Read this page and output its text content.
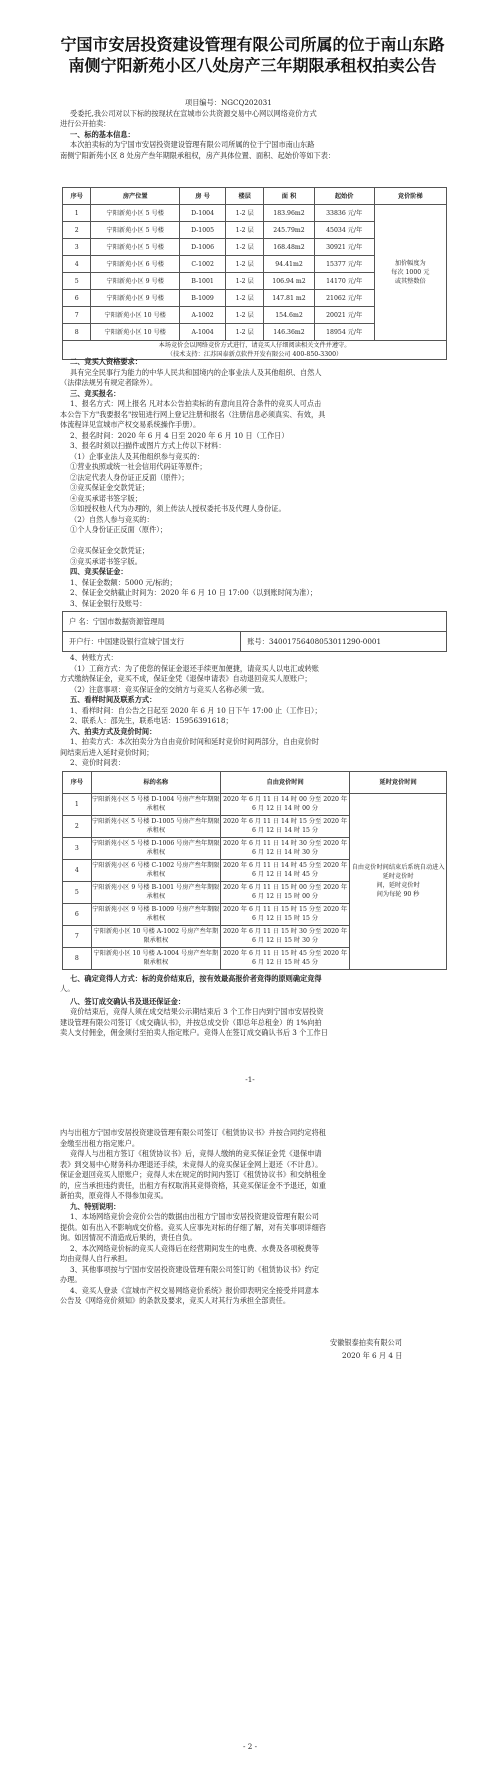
宁国市安居投资建设管理有限公司所属的位于南山东路南侧宁阳新苑小区八处房产三年期限承租权拍卖公告
项目编号：NGCQ202031
受委托,我公司对以下标的按现状在宣城市公共资源交易中心网以网络竞价方式
进行公开拍卖：
一、标的基本信息：
本次拍卖标的为宁国市安居投资建设管理有限公司所属的位于宁国市南山东路
南侧宁阳新苑小区 8 处房产叁年期限承租权，房产具体位置、面积、起始价等如下表：
序号	房产位置	房 号	楼层	面 积	起始价	竞价阶梯
1	宁阳新苑小区 5 号楼	D-1004	1-2 层	183.96m2	33836 元/年	加价幅度为
每次 1000 元
或其整数倍
2	宁阳新苑小区 5 号楼	D-1005	1-2 层	245.79m2	45034 元/年	
3	宁阳新苑小区 5 号楼	D-1006	1-2 层	168.48m2	30921 元/年	
4	宁阳新苑小区 6 号楼	C-1002	1-2 层	94.41m2	15377 元/年	
5	宁阳新苑小区 9 号楼	B-1001	1-2 层	106.94 m2	14170 元/年	
6	宁阳新苑小区 9 号楼	B-1009	1-2 层	147.81 m2	21062 元/年	
7	宁阳新苑小区 10 号楼	A-1002	1-2 层	154.6m2	20021 元/年	
8	宁阳新苑小区 10 号楼	A-1004	1-2 层	146.36m2	18954 元/年	
本场竞价会以网络竞价方式进行，请竞买人仔细阅读相关文件并遵守。
（技术支持：江苏国泰新点软件开发有限公司 400-850-3300）						
二、竞买人资格要求：
具有完全民事行为能力的中华人民共和国境内的企事业法人及其他组织、自然人
（法律法规另有规定者除外）。
三、竞买报名：
1、报名方式：网上报名 凡对本公告拍卖标的有意向且符合条件的竞买人可点击
本公告下方"我要报名"按钮进行网上登记注册和报名（注册信息必须真实、有效，具
体流程详见宣城市产权交易系统操作手册）。
2、报名时间：2020 年 6 月 4 日至 2020 年 6 月 10 日（工作日）
3、报名时须以扫描件或图片方式上传以下材料：
（1）企事业法人及其他组织参与竞买的：
①营业执照或统一社会信用代码证等原件；
②法定代表人身份证正反面（原件）；
③竞买保证金交款凭证；
④竞买承诺书签字版；
⑤如授权他人代为办理的，须上传法人授权委托书及代理人身份证。
（2）自然人参与竞买的：
①个人身份证正反面（原件）；
②竞买保证金交款凭证；
③竞买承诺书签字版。
四、竞买保证金：
1、保证金数额：5000 元/标的；
2、保证金交纳截止时间为：2020 年 6 月 10 日 17:00（以到账时间为准）；
3、保证金银行及账号：
户 名：宁国市数据资源管理局
开户行：中国建设银行宣城宁国支行	账号：34001756408053011290-0001
4、转账方式：
（1）工商方式：为了使您的保证金退还手续更加便捷，请竞买人以电汇或转账
方式缴纳保证金，竞买不成，保证金凭《退保申请表》自动退回竞买人原账户；
（2）注意事项：竞买保证金的交纳方与竞买人名称必须一致。
五、看样时间及联系方式：
1、看样时间：自公告之日起至 2020 年 6 月 10 日下午 17:00 止（工作日）；
2、联系人：邵先生，联系电话：15956391618；
六、拍卖方式及竞价时间：
1、拍卖方式：本次拍卖分为自由竞价时间和延时竞价时间两部分，自由竞价时
间结束后进入延时竞价时间；
2、竞价时间表：
序号	标的名称	自由竞价时间	延时竞价时间
1	宁阳新苑小区 5 号楼 D-1004 号房产叁年期限承租权	2020 年 6 月 11 日 14 时 00 分至 2020 年 6 月 12 日 14 时 00 分	自由竞价时间结束后系统自动进入延时竞价时
间，延时竞价时
间为每轮 90 秒
2	宁阳新苑小区 5 号楼 D-1005 号房产叁年期限承租权	2020 年 6 月 11 日 14 时 15 分至 2020 年 6 月 12 日 14 时 15 分	
3	宁阳新苑小区 5 号楼 D-1006 号房产叁年期限承租权	2020 年 6 月 11 日 14 时 30 分至 2020 年 6 月 12 日 14 时 30 分	
4	宁阳新苑小区 6 号楼 C-1002 号房产叁年期限承租权	2020 年 6 月 11 日 14 时 45 分至 2020 年 6 月 12 日 14 时 45 分	
5	宁阳新苑小区 9 号楼 B-1001 号房产叁年期限承租权	2020 年 6 月 11 日 15 时 00 分至 2020 年 6 月 12 日 15 时 00 分	
6	宁阳新苑小区 9 号楼 B-1009 号房产叁年期限承租权	2020 年 6 月 11 日 15 时 15 分至 2020 年 6 月 12 日 15 时 15 分	
7	宁阳新苑小区 10 号楼 A-1002 号房产叁年期限承租权	2020 年 6 月 11 日 15 时 30 分至 2020 年 6 月 12 日 15 时 30 分	
8	宁阳新苑小区 10 号楼 A-1004 号房产叁年期限承租权	2020 年 6 月 11 日 15 时 45 分至 2020 年 6 月 12 日 15 时 45 分	
七、确定竞得人方式：标的竞价结束后，按有效最高报价者竞得的原则确定竞得
人。
八、签订成交确认书及退还保证金：
竞价结束后，竞得人须在成交结果公示期结束后 3 个工作日内到宁国市安居投资
建设管理有限公司签订《成交确认书》，并按总成交价（即总年总租金）的 1%向拍
卖人支付佣金，佣金须付至拍卖人指定账户。竞得人在签订成交确认书后 3 个工作日
-1-
内与出租方宁国市安居投资建设管理有限公司签订《租赁协议书》并按合同约定将租
金缴至出租方指定账户。
竞得人与出租方签订《租赁协议书》后，竞得人缴纳的竞买保证金凭《退保申请
表》到交易中心财务科办理退还手续，未竞得人的竞买保证金网上退还（不计息）。
保证金退回竞买人原账户；竞得人未在规定的时间内签订《租赁协议书》和交纳租金
的，应当承担违约责任，出租方有权取消其竞得资格，其竞买保证金不予退还，如重
新拍卖，原竞得人不得参加竞买。
九、特别说明：
1、本场网络竞价会竞价公告的数据由出租方宁国市安居投资建设管理有限公司
提供。如有出入不影响成交价格。竞买人应事先对标的仔细了解，对有关事项详细咨
询。如因情况不清造成后果的，责任自负。
2、本次网络竞价标的竞买人竞得后在经营期间发生的电费、水费及各项税费等
均由竞得人自行承担。
3、其他事项按与宁国市安居投资建设管理有限公司签订的《租赁协议书》约定
办理。
4、竞买人登录《宣城市产权交易网络竞价系统》报价即表明完全接受并同意本
公告及《网络竞价须知》的条款及要求，竞买人对其行为承担全部责任。
安徽银泰拍卖有限公司
2020 年 6 月 4 日
- 2 -
